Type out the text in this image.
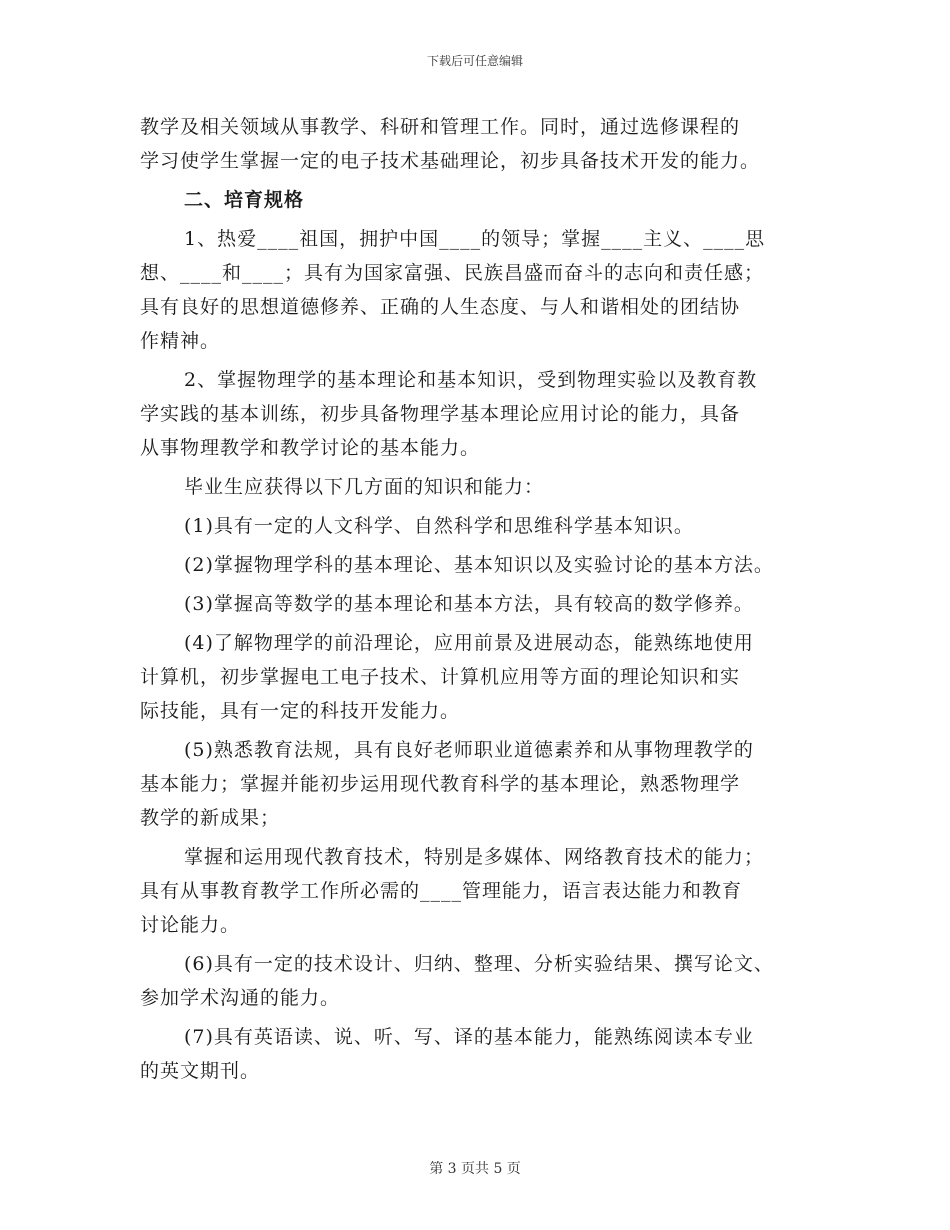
下载后可任意编辑
教学及相关领域从事教学、科研和管理工作。同时，通过选修课程的
学习使学生掌握一定的电子技术基础理论，初步具备技术开发的能力。
二、培育规格
1、热爱____祖国，拥护中国____的领导；掌握____主义、____思
想、____和____；具有为国家富强、民族昌盛而奋斗的志向和责任感；
具有良好的思想道德修养、正确的人生态度、与人和谐相处的团结协
作精神。
2、掌握物理学的基本理论和基本知识，受到物理实验以及教育教
学实践的基本训练，初步具备物理学基本理论应用讨论的能力，具备
从事物理教学和教学讨论的基本能力。
毕业生应获得以下几方面的知识和能力：
(1)具有一定的人文科学、自然科学和思维科学基本知识。
(2)掌握物理学科的基本理论、基本知识以及实验讨论的基本方法。
(3)掌握高等数学的基本理论和基本方法，具有较高的数学修养。
(4)了解物理学的前沿理论，应用前景及进展动态，能熟练地使用
计算机，初步掌握电工电子技术、计算机应用等方面的理论知识和实
际技能，具有一定的科技开发能力。
(5)熟悉教育法规，具有良好老师职业道德素养和从事物理教学的
基本能力；掌握并能初步运用现代教育科学的基本理论，熟悉物理学
教学的新成果；
掌握和运用现代教育技术，特别是多媒体、网络教育技术的能力；
具有从事教育教学工作所必需的____管理能力，语言表达能力和教育
讨论能力。
(6)具有一定的技术设计、归纳、整理、分析实验结果、撰写论文、
参加学术沟通的能力。
(7)具有英语读、说、听、写、译的基本能力，能熟练阅读本专业
的英文期刊。
第 3 页共 5 页
